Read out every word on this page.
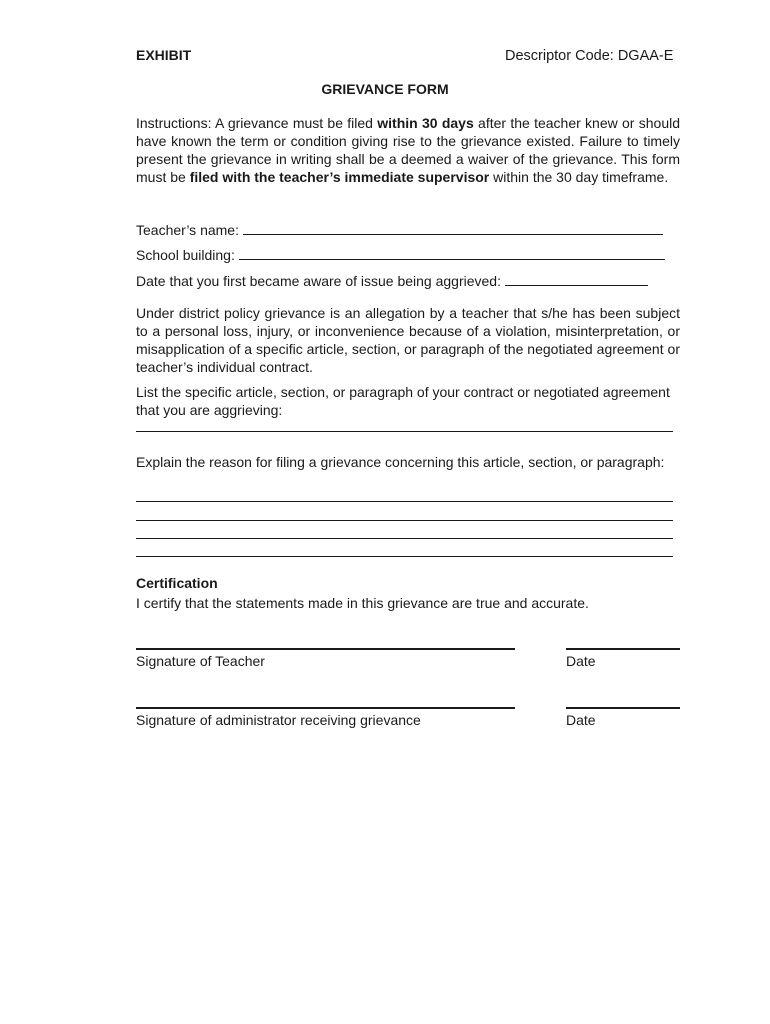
EXHIBIT	Descriptor Code: DGAA-E
GRIEVANCE FORM

Instructions: A grievance must be filed within 30 days after the teacher knew or should have known the term or condition giving rise to the grievance existed. Failure to timely present the grievance in writing shall be a deemed a waiver of the grievance. This form must be filed with the teacher’s immediate supervisor within the 30 day timeframe.

Teacher’s name:
School building:
Date that you first became aware of issue being aggrieved:

Under district policy grievance is an allegation by a teacher that s/he has been subject to a personal loss, injury, or inconvenience because of a violation, misinterpretation, or misapplication of a specific article, section, or paragraph of the negotiated agreement or teacher’s individual contract.

List the specific article, section, or paragraph of your contract or negotiated agreement that you are aggrieving:

Explain the reason for filing a grievance concerning this article, section, or paragraph:

Certification
I certify that the statements made in this grievance are true and accurate.
Signature of Teacher	Date
Signature of administrator receiving grievance	Date
